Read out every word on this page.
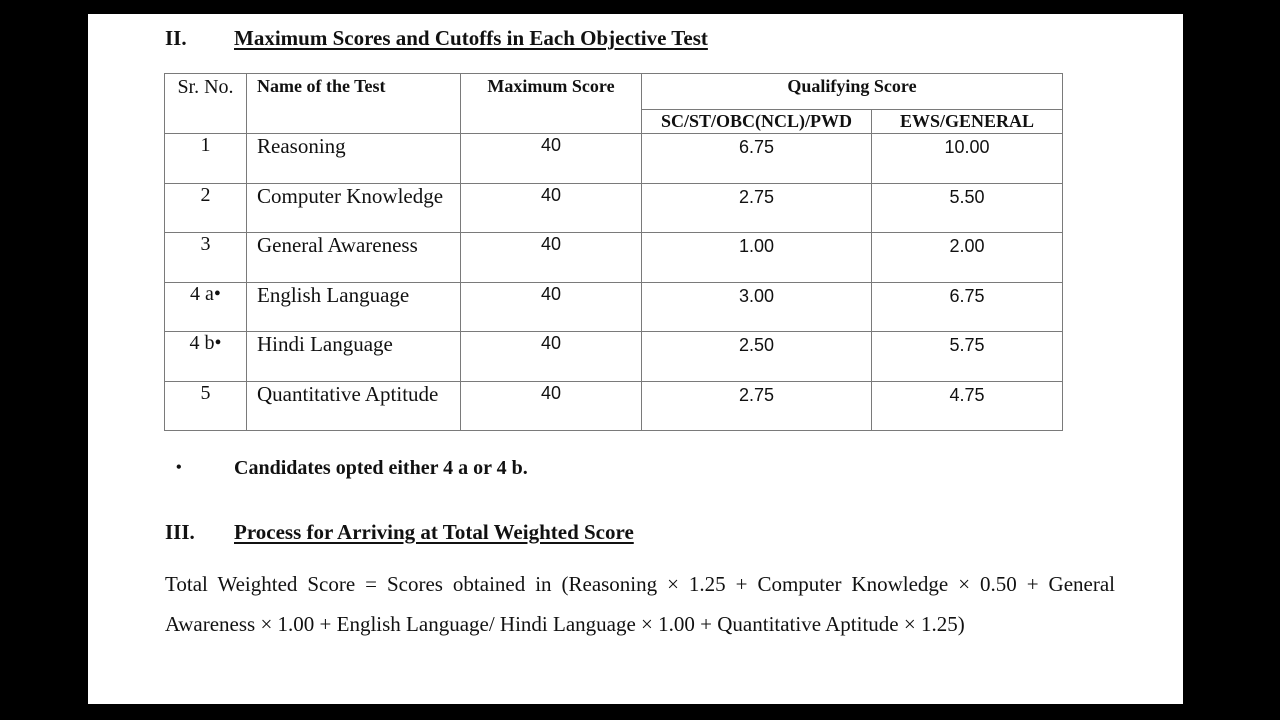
II. Maximum Scores and Cutoffs in Each Objective Test
Sr. No.	Name of the Test	Maximum Score	Qualifying Score	
			SC/ST/OBC(NCL)/PWD	EWS/GENERAL
1	Reasoning	40	6.75	10.00
2	Computer Knowledge	40	2.75	5.50
3	General Awareness	40	1.00	2.00
4 a•	English Language	40	3.00	6.75
4 b•	Hindi Language	40	2.50	5.75
5	Quantitative Aptitude	40	2.75	4.75
•	Candidates opted either 4 a or 4 b.
III. Process for Arriving at Total Weighted Score
Total Weighted Score = Scores obtained in (Reasoning × 1.25 + Computer Knowledge × 0.50 + General Awareness × 1.00 + English Language/ Hindi Language × 1.00 + Quantitative Aptitude × 1.25)
